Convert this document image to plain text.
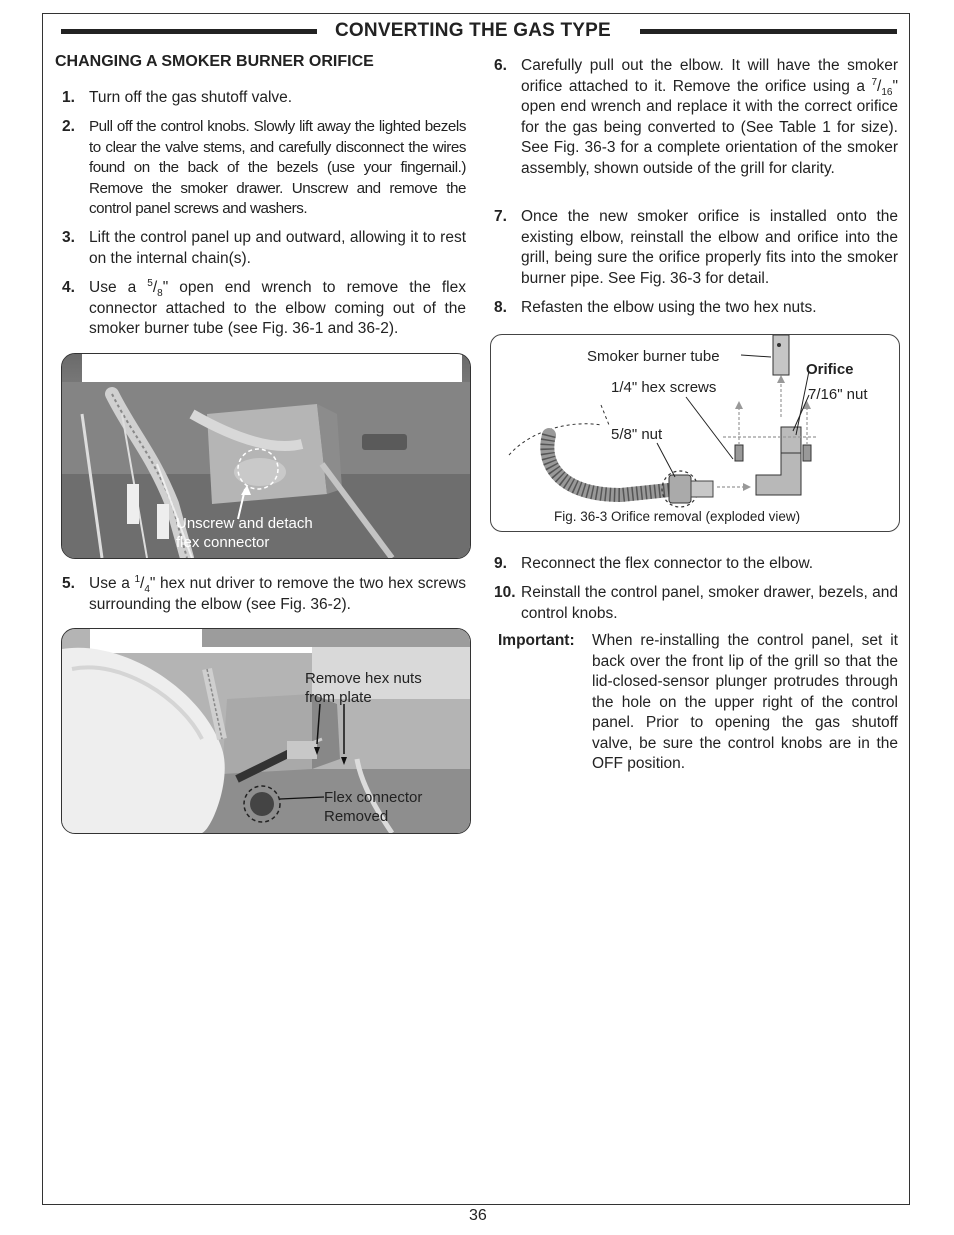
CONVERTING THE GAS TYPE
CHANGING A SMOKER BURNER ORIFICE
1. Turn off the gas shutoff valve.
2. Pull off the control knobs. Slowly lift away the lighted bezels to clear the valve stems, and carefully disconnect the wires found on the back of the bezels (use your fingernail.) Remove the smoker drawer. Unscrew and remove the control panel screws and washers.
3. Lift the control panel up and outward, allowing it to rest on the internal chain(s).
4. Use a $^5/_8$" open end wrench to remove the flex connector attached to the elbow coming out of the smoker burner tube (see Fig. 36-1 and 36-2).
Unscrew and detach
flex connector
5. Use a $^1/_4$" hex nut driver to remove the two hex screws surrounding the elbow (see Fig. 36-2).
Remove hex nuts
from plate
Flex connector
Removed
6. Carefully pull out the elbow. It will have the smoker orifice attached to it. Remove the orifice using a $^7/_{16}$" open end wrench and replace it with the correct orifice for the gas being converted to (See Table 1 for size). See Fig. 36-3 for a complete orientation of the smoker assembly, shown outside of the grill for clarity.
7. Once the new smoker orifice is installed onto the existing elbow, reinstall the elbow and orifice into the grill, being sure the orifice properly fits into the smoker burner pipe. See Fig. 36-3 for detail.
8. Refasten the elbow using the two hex nuts.
Smoker burner tube
Orifice
1/4" hex screws	7/16" nut
5/8" nut
Fig. 36-3 Orifice removal (exploded view)
9. Reconnect the flex connector to the elbow.
10. Reinstall the control panel, smoker drawer, bezels, and control knobs.
Important:	When re-installing the control panel, set it back over the front lip of the grill so that the lid-closed-sensor plunger protrudes through the hole on the upper right of the control panel. Prior to opening the gas shutoff valve, be sure the control knobs are in the OFF position.
36
